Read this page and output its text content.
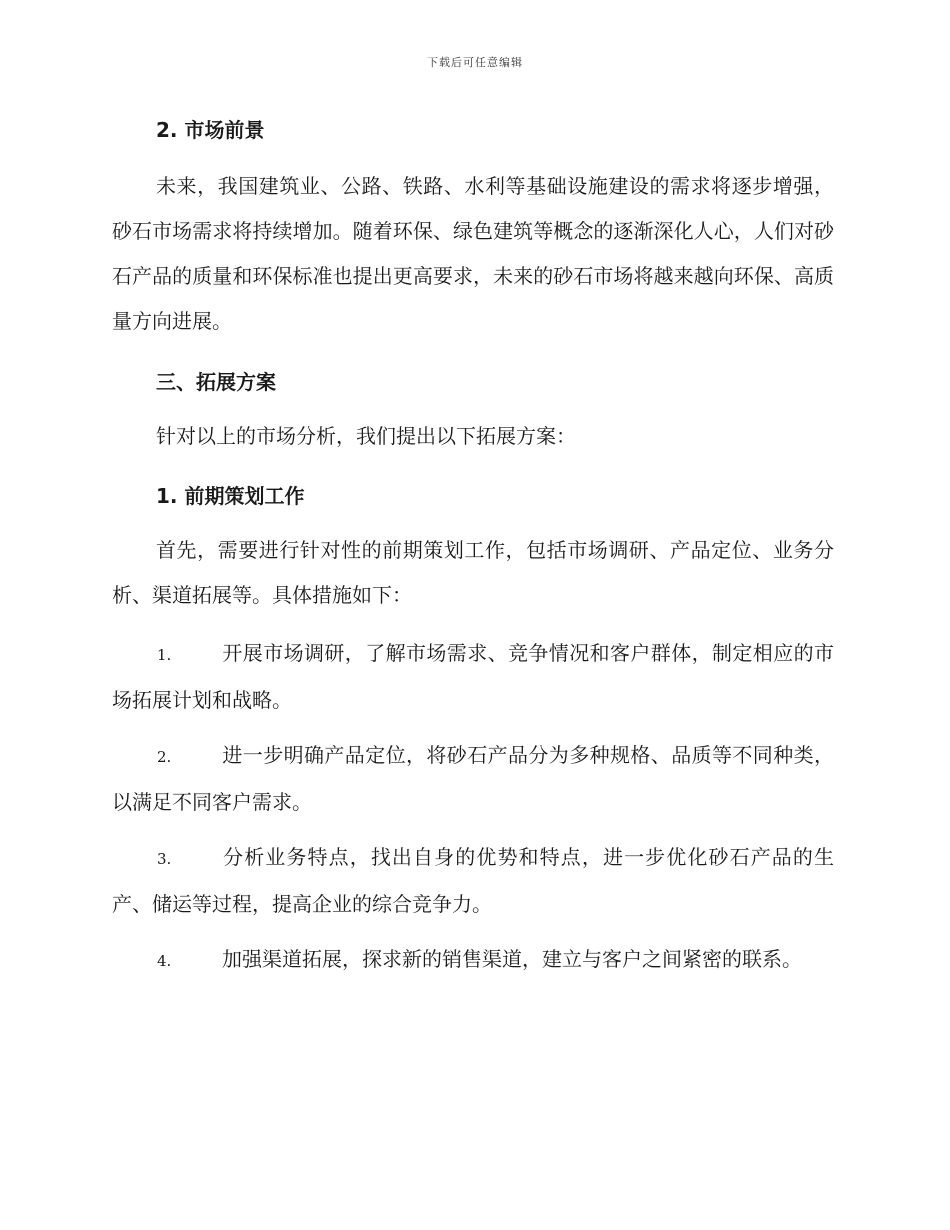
下载后可任意编辑
2. 市场前景
未来，我国建筑业、公路、铁路、水利等基础设施建设的需求将逐步增强，砂石市场需求将持续增加。随着环保、绿色建筑等概念的逐渐深化人心，人们对砂石产品的质量和环保标准也提出更高要求，未来的砂石市场将越来越向环保、高质量方向进展。
三、拓展方案
针对以上的市场分析，我们提出以下拓展方案：
1. 前期策划工作
首先，需要进行针对性的前期策划工作，包括市场调研、产品定位、业务分析、渠道拓展等。具体措施如下：
1.	开展市场调研，了解市场需求、竞争情况和客户群体，制定相应的市场拓展计划和战略。
2.	进一步明确产品定位，将砂石产品分为多种规格、品质等不同种类，以满足不同客户需求。
3.	分析业务特点，找出自身的优势和特点，进一步优化砂石产品的生产、储运等过程，提高企业的综合竞争力。
4.	加强渠道拓展，探求新的销售渠道，建立与客户之间紧密的联系。
